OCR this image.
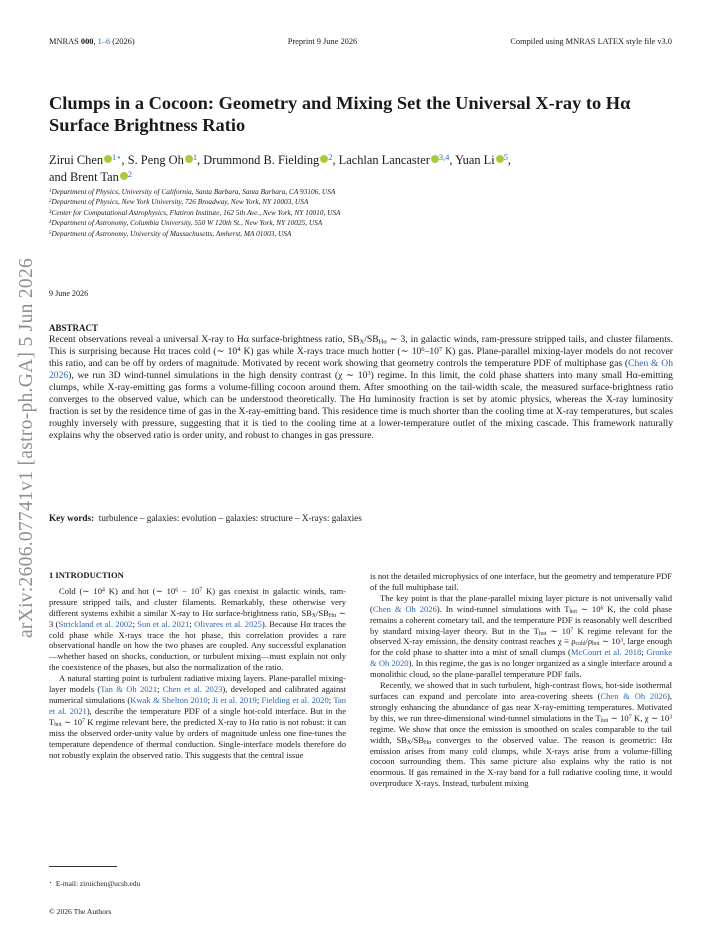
MNRAS 000, 1–6 (2026)	Preprint 9 June 2026	Compiled using MNRAS LATEX style file v3.0
arXiv:2606.07741v1 [astro-ph.GA] 5 Jun 2026
Clumps in a Cocoon: Geometry and Mixing Set the Universal X-ray to Hα Surface Brightness Ratio
Zirui Chen $^{1⋆}$, S. Peng Oh $^1$, Drummond B. Fielding $^2$, Lachlan Lancaster $^{3,4}$, Yuan Li $^5$,
and Brent Tan $^2$
$^1$Department of Physics, University of California, Santa Barbara, Santa Barbara, CA 93106, USA
$^2$Department of Physics, New York University, 726 Broadway, New York, NY 10003, USA
$^3$Center for Computational Astrophysics, Flatiron Institute, 162 5th Ave., New York, NY 10010, USA
$^4$Department of Astronomy, Columbia University, 550 W 120th St., New York, NY 10025, USA
$^5$Department of Astronomy, University of Massachusetts, Amherst, MA 01003, USA
9 June 2026
ABSTRACT
Recent observations reveal a universal X-ray to Hα surface-brightness ratio, $SB_X/SB_{H\alpha}$ ∼ 3, in galactic winds, ram-pressure stripped tails, and cluster filaments. This is surprising because Hα traces cold (∼ $10^4$ K) gas while X-rays trace much hotter (∼ $10^6-10^7$ K) gas. Plane-parallel mixing-layer models do not recover this ratio, and can be off by orders of magnitude. Motivated by recent work showing that geometry controls the temperature PDF of multiphase gas (Chen & Oh 2026), we run 3D wind-tunnel simulations in the high density contrast (χ ∼ $10^3$) regime. In this limit, the cold phase shatters into many small Hα-emitting clumps, while X-ray-emitting gas forms a volume-filling cocoon around them. After smoothing on the tail-width scale, the measured surface-brightness ratio converges to the observed value, which can be understood theoretically. The Hα luminosity fraction is set by atomic physics, whereas the X-ray luminosity fraction is set by the residence time of gas in the X-ray-emitting band. This residence time is much shorter than the cooling time at X-ray temperatures, but scales roughly inversely with pressure, suggesting that it is tied to the cooling time at a lower-temperature outlet of the mixing cascade. This framework naturally explains why the observed ratio is order unity, and robust to changes in gas pressure.
Key words: turbulence – galaxies: evolution – galaxies: structure – X-rays: galaxies

1 INTRODUCTION

Cold (∼ $10^4$ K) and hot (∼ $10^6 - 10^7$ K) gas coexist in galactic winds, ram-pressure stripped tails, and cluster filaments. Remarkably, these otherwise very different systems exhibit a similar X-ray to Hα surface-brightness ratio, $SB_X/SB_{H\alpha}$ ∼ 3 (Strickland et al. 2002; Sun et al. 2021; Olivares et al. 2025). Because Hα traces the cold phase while X-rays trace the hot phase, this correlation provides a rare observational handle on how the two phases are coupled. Any successful explanation—whether based on shocks, conduction, or turbulent mixing—must explain not only the coexistence of the phases, but also the normalization of the ratio.

A natural starting point is turbulent radiative mixing layers. Plane-parallel mixing-layer models (Tan & Oh 2021; Chen et al. 2023), developed and calibrated against numerical simulations (Kwak & Shelton 2010; Ji et al. 2019; Fielding et al. 2020; Tan et al. 2021), describe the temperature PDF of a single hot-cold interface. But in the $T_{hot}$ ∼ $10^7$ K regime relevant here, the predicted X-ray to Hα ratio is not robust: it can miss the observed order-unity value by orders of magnitude unless one fine-tunes the temperature dependence of thermal conduction. Single-interface models therefore do not robustly explain the observed ratio. This suggests that the central issue

is not the detailed microphysics of one interface, but the geometry and temperature PDF of the full multiphase tail.

The key point is that the plane-parallel mixing layer picture is not universally valid (Chen & Oh 2026). In wind-tunnel simulations with $T_{hot}$ ∼ $10^6$ K, the cold phase remains a coherent cometary tail, and the temperature PDF is reasonably well described by standard mixing-layer theory. But in the $T_{hot}$ ∼ $10^7$ K regime relevant for the observed X-ray emission, the density contrast reaches $\chi \equiv \rho_{cold}/\rho_{hot}$ ∼ $10^3$, large enough for the cold phase to shatter into a mist of small clumps (McCourt et al. 2018; Gronke & Oh 2020). In this regime, the gas is no longer organized as a single interface around a monolithic cloud, so the plane-parallel temperature PDF fails.

Recently, we showed that in such turbulent, high-contrast flows, hot-side isothermal surfaces can expand and percolate into area-covering sheets (Chen & Oh 2026), strongly enhancing the abundance of gas near X-ray-emitting temperatures. Motivated by this, we run three-dimensional wind-tunnel simulations in the $T_{hot}$ ∼ $10^7$ K, χ ∼ $10^3$ regime. We show that once the emission is smoothed on scales comparable to the tail width, $SB_X/SB_{H\alpha}$ converges to the observed value. The reason is geometric: Hα emission arises from many cold clumps, while X-rays arise from a volume-filling cocoon surrounding them. This same picture also explains why the ratio is not enormous. If gas remained in the X-ray band for a full radiative cooling time, it would overproduce X-rays. Instead, turbulent mixing

⋆ E-mail: ziruichen@ucsb.edu
© 2026 The Authors
